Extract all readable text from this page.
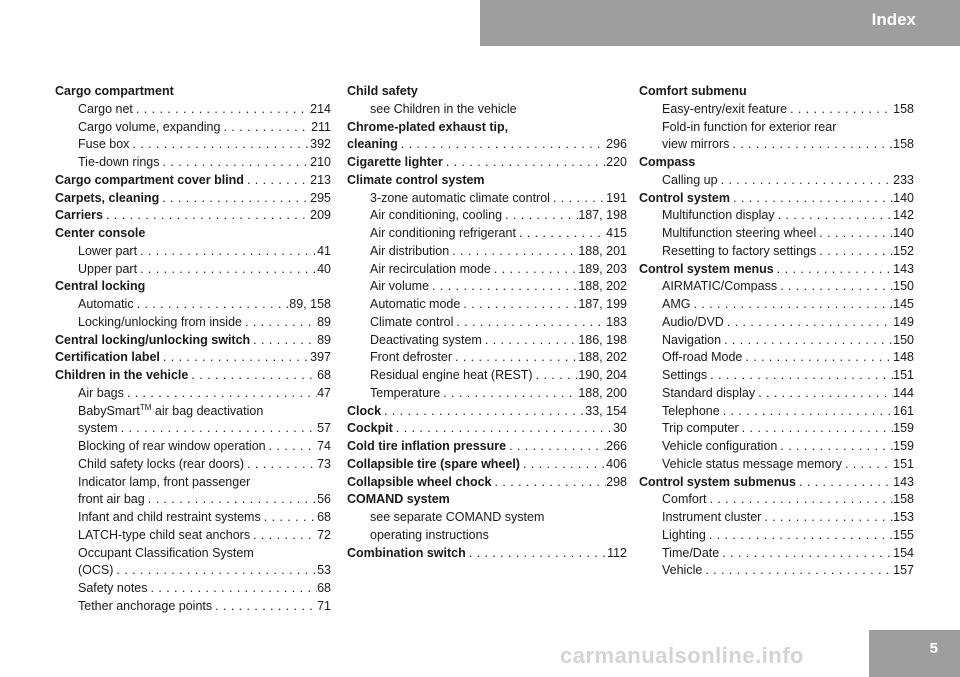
Index
Cargo compartment
Cargo net .....	214
Cargo volume, expanding .....	211
Fuse box .....	392
Tie-down rings .....	210
Cargo compartment cover blind .....	213
Carpets, cleaning .....	295
Carriers .....	209
Center console
Lower part .....	41
Upper part .....	40
Central locking
Automatic .....	89, 158
Locking/unlocking from inside .....	89
Central locking/unlocking switch .....	89
Certification label .....	397
Children in the vehicle .....	68
Air bags .....	47
BabySmart™ air bag deactivation
system .....	57
Blocking of rear window operation .....	74
Child safety locks (rear doors) .....	73
Indicator lamp, front passenger
front air bag .....	56
Infant and child restraint systems .....	68
LATCH-type child seat anchors .....	72
Occupant Classification System
(OCS) .....	53
Safety notes .....	68
Tether anchorage points .....	71
Child safety
see Children in the vehicle
Chrome-plated exhaust tip,
cleaning .....	296
Cigarette lighter .....	220
Climate control system
3-zone automatic climate control .....	191
Air conditioning, cooling .....	187, 198
Air conditioning refrigerant .....	415
Air distribution .....	188, 201
Air recirculation mode .....	189, 203
Air volume .....	188, 202
Automatic mode .....	187, 199
Climate control .....	183
Deactivating system .....	186, 198
Front defroster .....	188, 202
Residual engine heat (REST) .....	190, 204
Temperature .....	188, 200
Clock .....	33, 154
Cockpit .....	30
Cold tire inflation pressure .....	266
Collapsible tire (spare wheel) .....	406
Collapsible wheel chock .....	298
COMAND system
see separate COMAND system
operating instructions
Combination switch .....	112
Comfort submenu
Easy-entry/exit feature .....	158
Fold-in function for exterior rear
view mirrors .....	158
Compass
Calling up .....	233
Control system .....	140
Multifunction display .....	142
Multifunction steering wheel .....	140
Resetting to factory settings .....	152
Control system menus .....	143
AIRMATIC/Compass .....	150
AMG .....	145
Audio/DVD .....	149
Navigation .....	150
Off-road Mode .....	148
Settings .....	151
Standard display .....	144
Telephone .....	161
Trip computer .....	159
Vehicle configuration .....	159
Vehicle status message memory .....	151
Control system submenus .....	143
Comfort .....	158
Instrument cluster .....	153
Lighting .....	155
Time/Date .....	154
Vehicle .....	157
carmanualsonline.info	5
